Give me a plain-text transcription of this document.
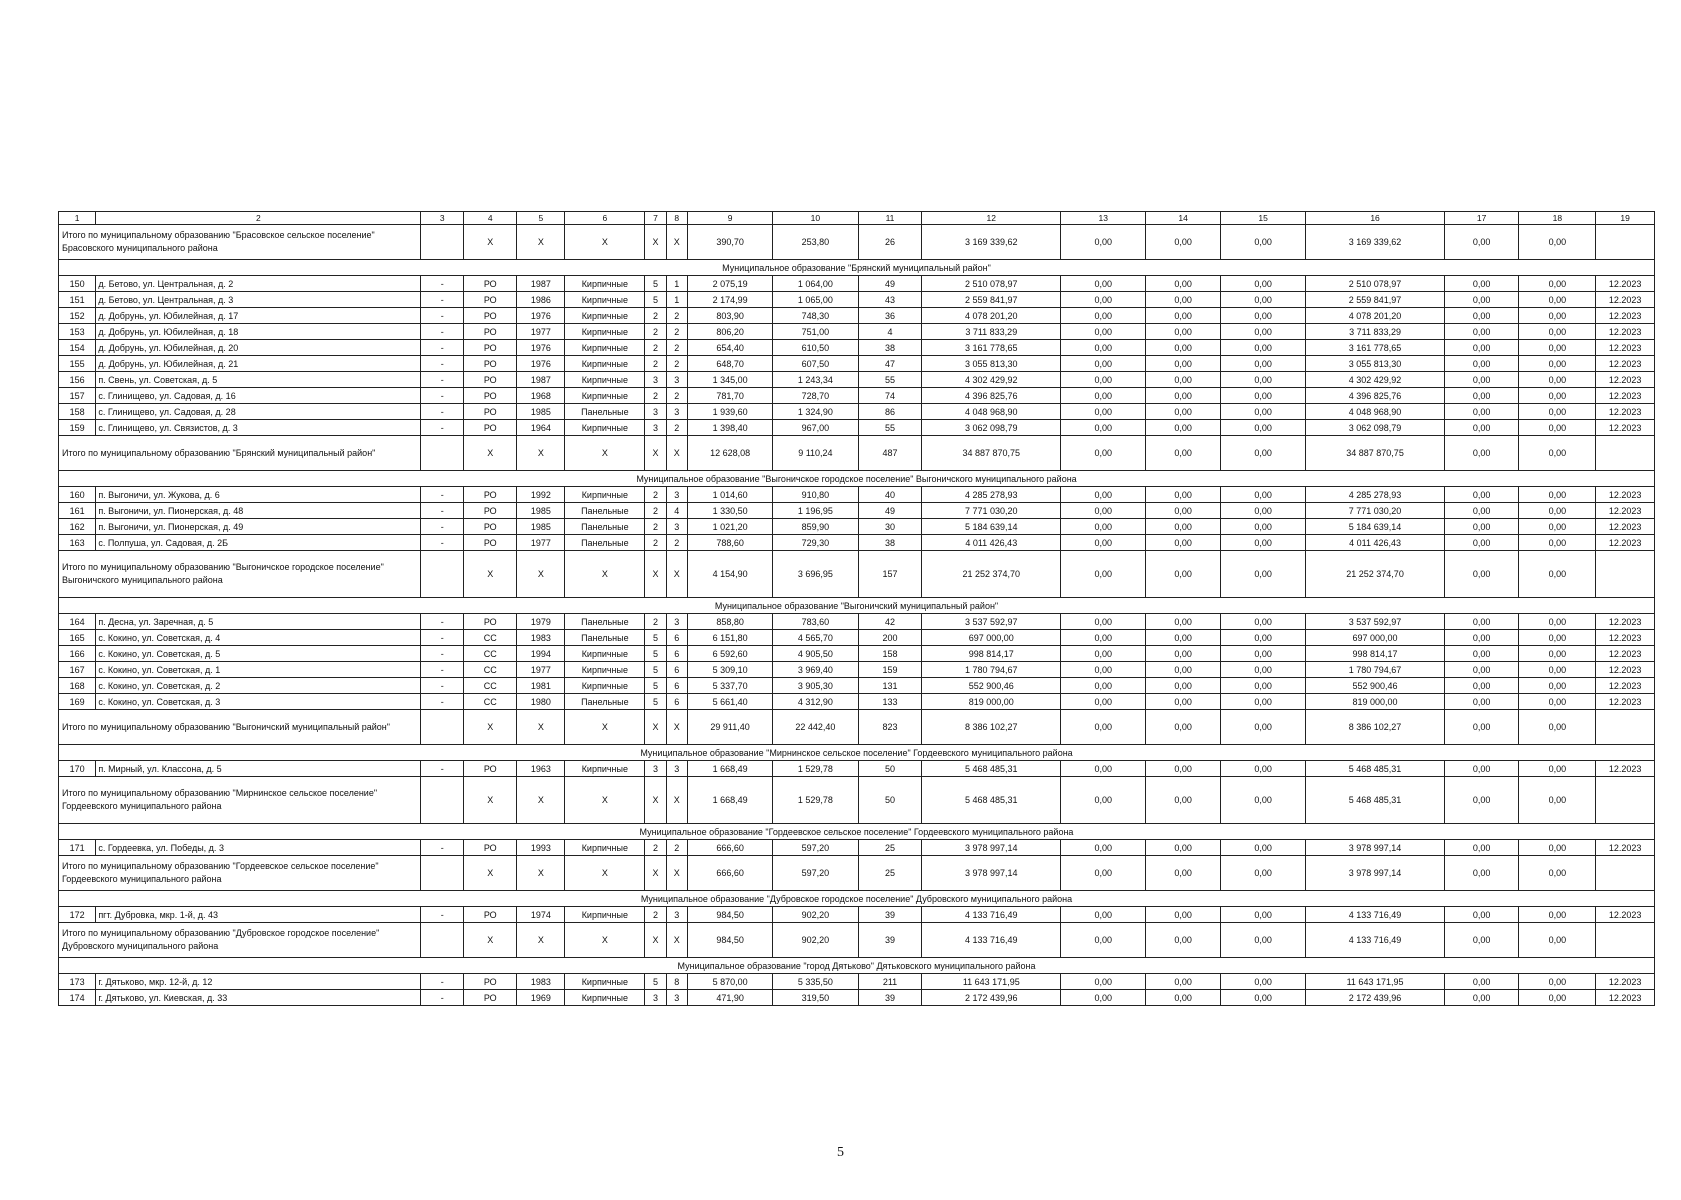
1	2	3	4	5	6	7	8	9	10	11	12	13	14	15	16	17	18	19
Итого по муниципальному образованию "Брасовское сельское поселение" Брасовского муниципального района			X	X	X	X	X	390,70	253,80	26	3 169 339,62	0,00	0,00	0,00	3 169 339,62	0,00	0,00	
Муниципальное образование "Брянский муниципальный район"																		
150	д. Бетово, ул. Центральная, д. 2	-	РО	1987	Кирпичные	5	1	2 075,19	1 064,00	49	2 510 078,97	0,00	0,00	0,00	2 510 078,97	0,00	0,00	12.2023
151	д. Бетово, ул. Центральная, д. 3	-	РО	1986	Кирпичные	5	1	2 174,99	1 065,00	43	2 559 841,97	0,00	0,00	0,00	2 559 841,97	0,00	0,00	12.2023
152	д. Добрунь, ул. Юбилейная, д. 17	-	РО	1976	Кирпичные	2	2	803,90	748,30	36	4 078 201,20	0,00	0,00	0,00	4 078 201,20	0,00	0,00	12.2023
153	д. Добрунь, ул. Юбилейная, д. 18	-	РО	1977	Кирпичные	2	2	806,20	751,00	4	3 711 833,29	0,00	0,00	0,00	3 711 833,29	0,00	0,00	12.2023
154	д. Добрунь, ул. Юбилейная, д. 20	-	РО	1976	Кирпичные	2	2	654,40	610,50	38	3 161 778,65	0,00	0,00	0,00	3 161 778,65	0,00	0,00	12.2023
155	д. Добрунь, ул. Юбилейная, д. 21	-	РО	1976	Кирпичные	2	2	648,70	607,50	47	3 055 813,30	0,00	0,00	0,00	3 055 813,30	0,00	0,00	12.2023
156	п. Свень, ул. Советская, д. 5	-	РО	1987	Кирпичные	3	3	1 345,00	1 243,34	55	4 302 429,92	0,00	0,00	0,00	4 302 429,92	0,00	0,00	12.2023
157	с. Глинищево, ул. Садовая, д. 16	-	РО	1968	Кирпичные	2	2	781,70	728,70	74	4 396 825,76	0,00	0,00	0,00	4 396 825,76	0,00	0,00	12.2023
158	с. Глинищево, ул. Садовая, д. 28	-	РО	1985	Панельные	3	3	1 939,60	1 324,90	86	4 048 968,90	0,00	0,00	0,00	4 048 968,90	0,00	0,00	12.2023
159	с. Глинищево, ул. Связистов, д. 3	-	РО	1964	Кирпичные	3	2	1 398,40	967,00	55	3 062 098,79	0,00	0,00	0,00	3 062 098,79	0,00	0,00	12.2023
Итого по муниципальному образованию "Брянский муниципальный район"			X	X	X	X	X	12 628,08	9 110,24	487	34 887 870,75	0,00	0,00	0,00	34 887 870,75	0,00	0,00	
Муниципальное образование "Выгоничское городское поселение" Выгоничского муниципального района																		
160	п. Выгоничи, ул. Жукова, д. 6	-	РО	1992	Кирпичные	2	3	1 014,60	910,80	40	4 285 278,93	0,00	0,00	0,00	4 285 278,93	0,00	0,00	12.2023
161	п. Выгоничи, ул. Пионерская, д. 48	-	РО	1985	Панельные	2	4	1 330,50	1 196,95	49	7 771 030,20	0,00	0,00	0,00	7 771 030,20	0,00	0,00	12.2023
162	п. Выгоничи, ул. Пионерская, д. 49	-	РО	1985	Панельные	2	3	1 021,20	859,90	30	5 184 639,14	0,00	0,00	0,00	5 184 639,14	0,00	0,00	12.2023
163	с. Полпуша, ул. Садовая, д. 2Б	-	РО	1977	Панельные	2	2	788,60	729,30	38	4 011 426,43	0,00	0,00	0,00	4 011 426,43	0,00	0,00	12.2023
Итого по муниципальному образованию "Выгоничское городское поселение" Выгоничского муниципального района			X	X	X	X	X	4 154,90	3 696,95	157	21 252 374,70	0,00	0,00	0,00	21 252 374,70	0,00	0,00	
Муниципальное образование "Выгоничский муниципальный район"																		
164	п. Десна, ул. Заречная, д. 5	-	РО	1979	Панельные	2	3	858,80	783,60	42	3 537 592,97	0,00	0,00	0,00	3 537 592,97	0,00	0,00	12.2023
165	с. Кокино, ул. Советская, д. 4	-	СС	1983	Панельные	5	6	6 151,80	4 565,70	200	697 000,00	0,00	0,00	0,00	697 000,00	0,00	0,00	12.2023
166	с. Кокино, ул. Советская, д. 5	-	СС	1994	Кирпичные	5	6	6 592,60	4 905,50	158	998 814,17	0,00	0,00	0,00	998 814,17	0,00	0,00	12.2023
167	с. Кокино, ул. Советская, д. 1	-	СС	1977	Кирпичные	5	6	5 309,10	3 969,40	159	1 780 794,67	0,00	0,00	0,00	1 780 794,67	0,00	0,00	12.2023
168	с. Кокино, ул. Советская, д. 2	-	СС	1981	Кирпичные	5	6	5 337,70	3 905,30	131	552 900,46	0,00	0,00	0,00	552 900,46	0,00	0,00	12.2023
169	с. Кокино, ул. Советская, д. 3	-	СС	1980	Панельные	5	6	5 661,40	4 312,90	133	819 000,00	0,00	0,00	0,00	819 000,00	0,00	0,00	12.2023
Итого по муниципальному образованию "Выгоничский муниципальный район"			X	X	X	X	X	29 911,40	22 442,40	823	8 386 102,27	0,00	0,00	0,00	8 386 102,27	0,00	0,00	
Муниципальное образование "Мирнинское сельское поселение" Гордеевского муниципального района																		
170	п. Мирный, ул. Классона, д. 5	-	РО	1963	Кирпичные	3	3	1 668,49	1 529,78	50	5 468 485,31	0,00	0,00	0,00	5 468 485,31	0,00	0,00	12.2023
Итого по муниципальному образованию "Мирнинское сельское поселение" Гордеевского муниципального района			X	X	X	X	X	1 668,49	1 529,78	50	5 468 485,31	0,00	0,00	0,00	5 468 485,31	0,00	0,00	
Муниципальное образование "Гордеевское сельское поселение" Гордеевского муниципального района																		
171	с. Гордеевка, ул. Победы, д. 3	-	РО	1993	Кирпичные	2	2	666,60	597,20	25	3 978 997,14	0,00	0,00	0,00	3 978 997,14	0,00	0,00	12.2023
Итого по муниципальному образованию "Гордеевское сельское поселение" Гордеевского муниципального района			X	X	X	X	X	666,60	597,20	25	3 978 997,14	0,00	0,00	0,00	3 978 997,14	0,00	0,00	
Муниципальное образование "Дубровское городское поселение" Дубровского муниципального района																		
172	пгт. Дубровка, мкр. 1-й, д. 43	-	РО	1974	Кирпичные	2	3	984,50	902,20	39	4 133 716,49	0,00	0,00	0,00	4 133 716,49	0,00	0,00	12.2023
Итого по муниципальному образованию "Дубровское городское поселение" Дубровского муниципального района			X	X	X	X	X	984,50	902,20	39	4 133 716,49	0,00	0,00	0,00	4 133 716,49	0,00	0,00	
Муниципальное образование "город Дятьково" Дятьковского муниципального района																		
173	г. Дятьково, мкр. 12-й, д. 12	-	РО	1983	Кирпичные	5	8	5 870,00	5 335,50	211	11 643 171,95	0,00	0,00	0,00	11 643 171,95	0,00	0,00	12.2023
174	г. Дятьково, ул. Киевская, д. 33	-	РО	1969	Кирпичные	3	3	471,90	319,50	39	2 172 439,96	0,00	0,00	0,00	2 172 439,96	0,00	0,00	12.2023
5
